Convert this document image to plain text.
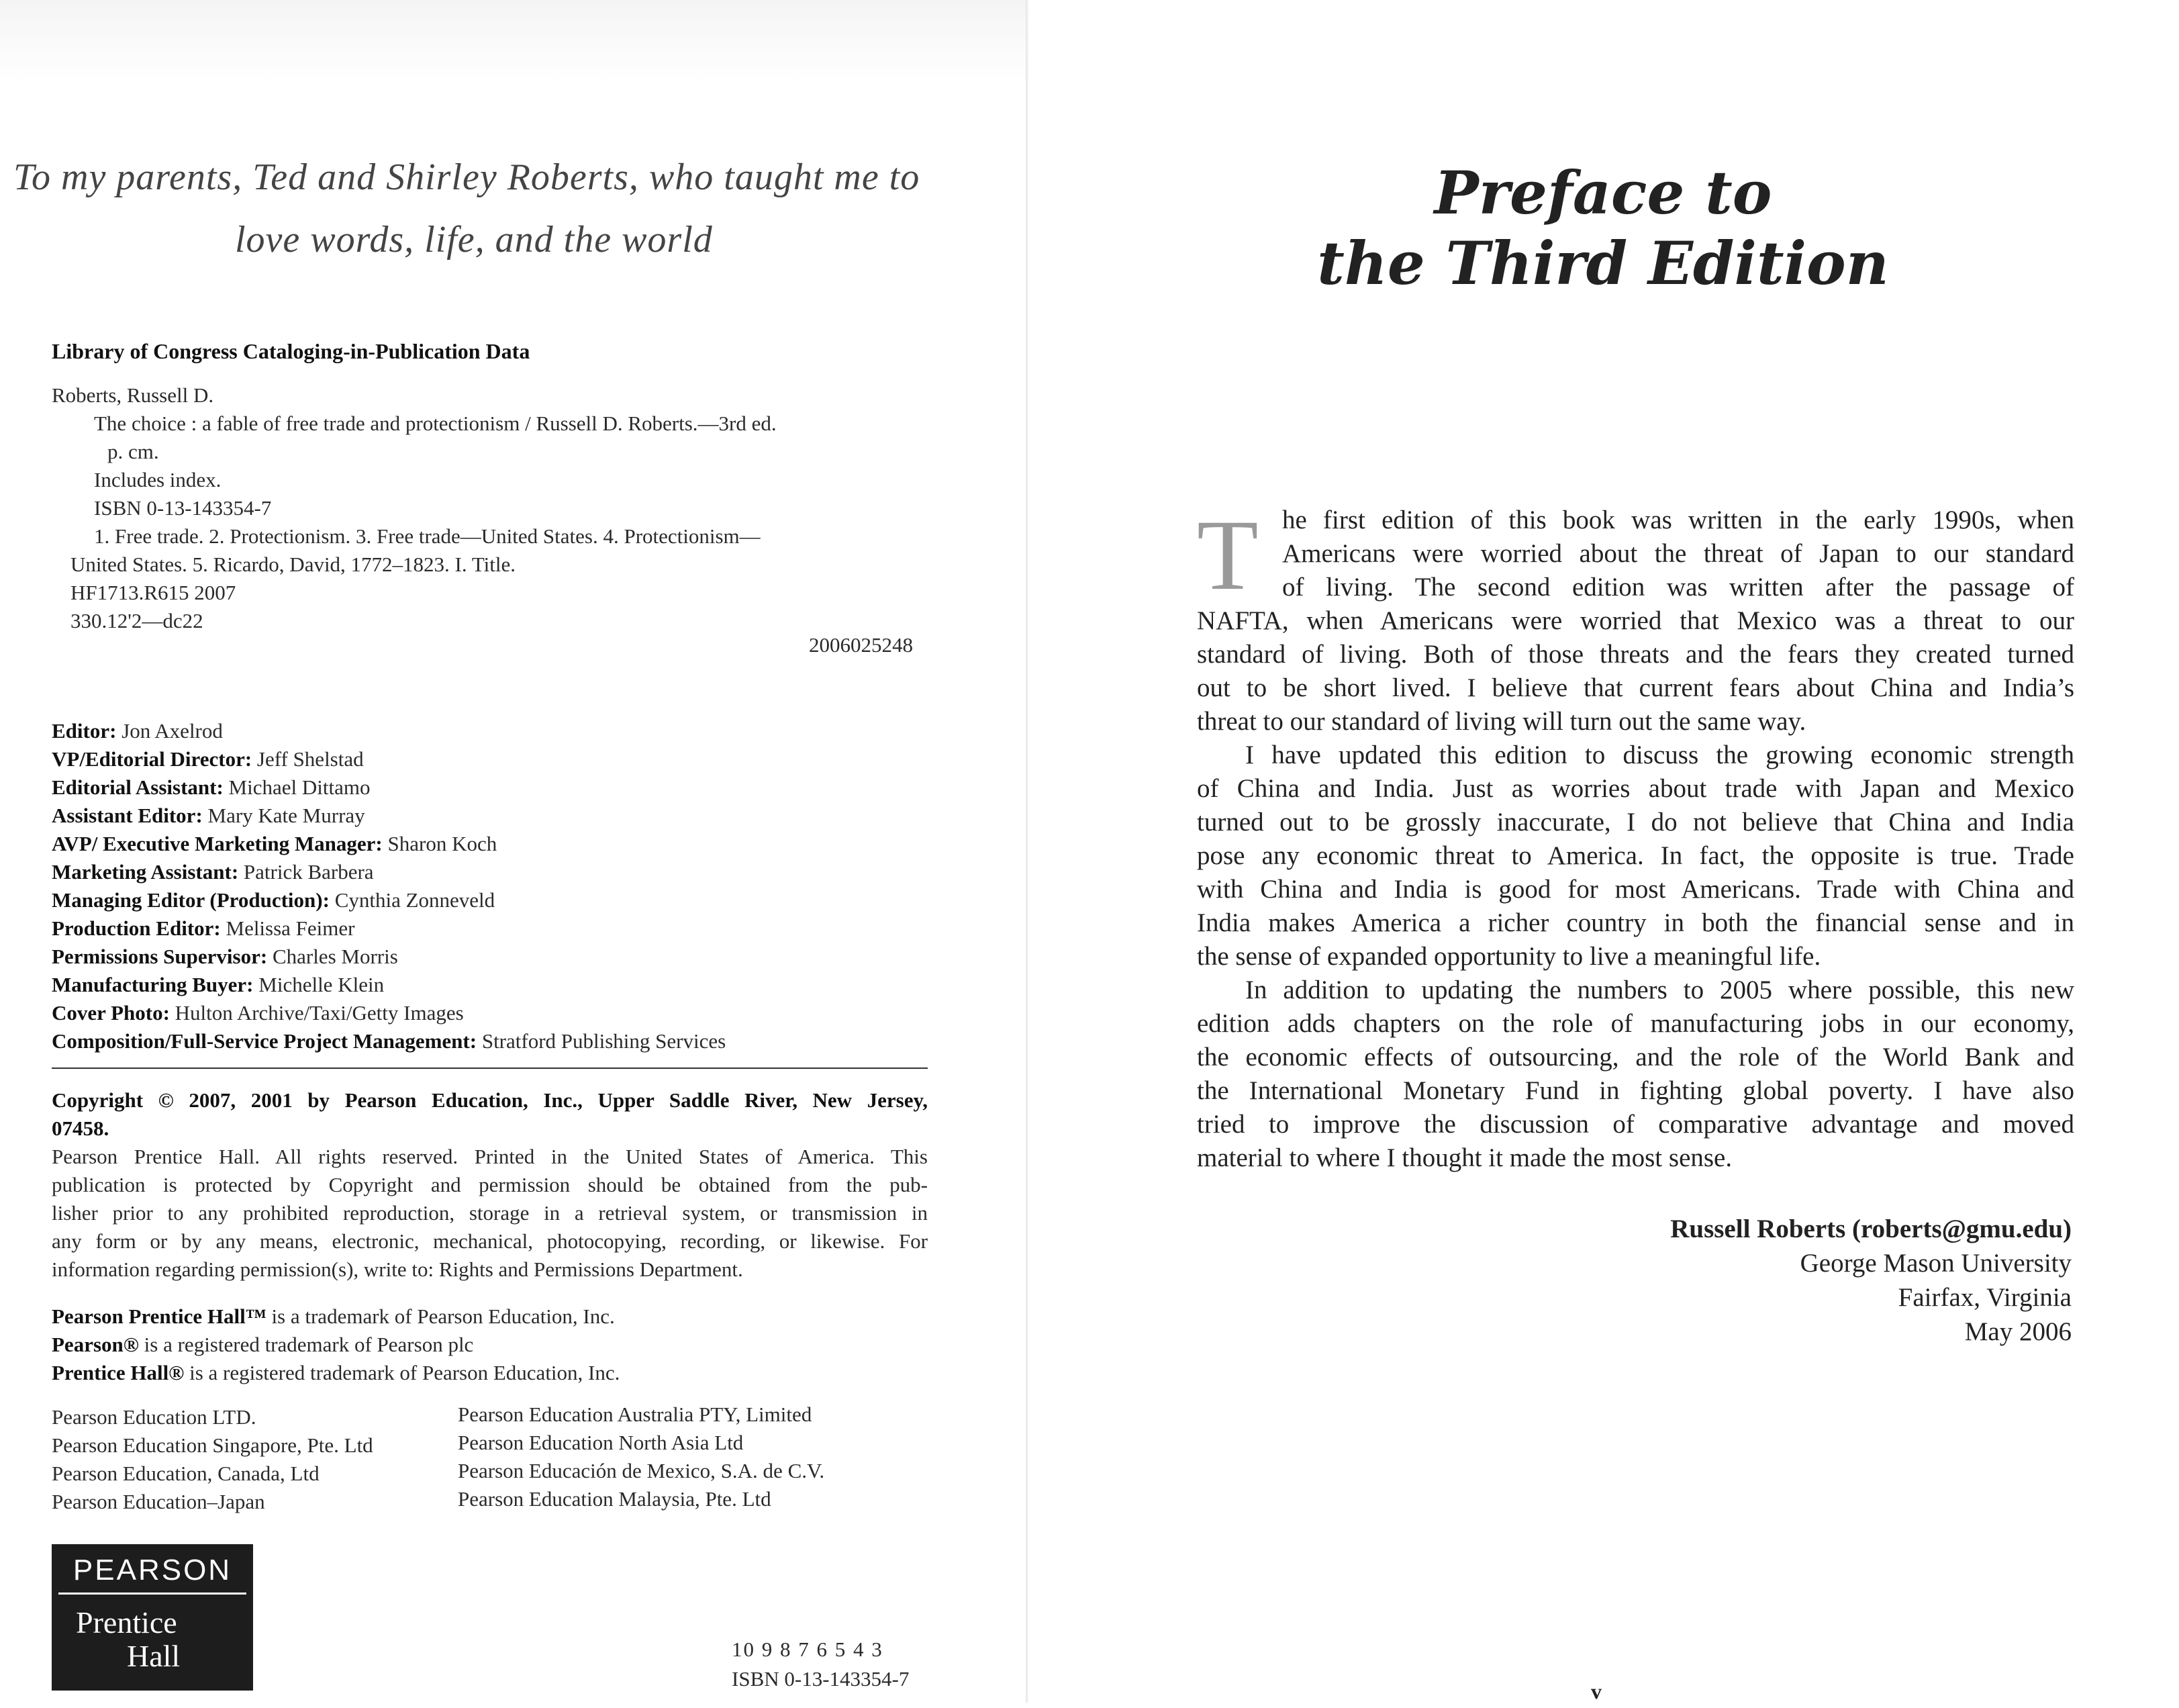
To my parents, Ted and Shirley Roberts, who taught me to
love words, life, and the world
Library of Congress Cataloging-in-Publication Data
Roberts, Russell D.
The choice : a fable of free trade and protectionism / Russell D. Roberts.—3rd ed.
p. cm.
Includes index.
ISBN 0-13-143354-7
1. Free trade. 2. Protectionism. 3. Free trade—United States. 4. Protectionism—
United States. 5. Ricardo, David, 1772–1823. I. Title.
HF1713.R615 2007
330.12'2—dc22
2006025248
Editor: Jon Axelrod
VP/Editorial Director: Jeff Shelstad
Editorial Assistant: Michael Dittamo
Assistant Editor: Mary Kate Murray
AVP/ Executive Marketing Manager: Sharon Koch
Marketing Assistant: Patrick Barbera
Managing Editor (Production): Cynthia Zonneveld
Production Editor: Melissa Feimer
Permissions Supervisor: Charles Morris
Manufacturing Buyer: Michelle Klein
Cover Photo: Hulton Archive/Taxi/Getty Images
Composition/Full-Service Project Management: Stratford Publishing Services
Copyright © 2007, 2001 by Pearson Education, Inc., Upper Saddle River, New Jersey,
07458.
Pearson Prentice Hall. All rights reserved. Printed in the United States of America. This
publication is protected by Copyright and permission should be obtained from the pub-
lisher prior to any prohibited reproduction, storage in a retrieval system, or transmission in
any form or by any means, electronic, mechanical, photocopying, recording, or likewise. For
information regarding permission(s), write to: Rights and Permissions Department.
Pearson Prentice Hall™ is a trademark of Pearson Education, Inc.
Pearson® is a registered trademark of Pearson plc
Prentice Hall® is a registered trademark of Pearson Education, Inc.
Pearson Education LTD.
Pearson Education Singapore, Pte. Ltd
Pearson Education, Canada, Ltd
Pearson Education–Japan
Pearson Education Australia PTY, Limited
Pearson Education North Asia Ltd
Pearson Educación de Mexico, S.A. de C.V.
Pearson Education Malaysia, Pte. Ltd
PEARSON
Prentice
Hall	10 9 8 7 6 5 4 3
ISBN 0-13-143354-7
Preface to
the Third Edition
T he first edition of this book was written in the early 1990s, when
Americans were worried about the threat of Japan to our standard
of living. The second edition was written after the passage of
NAFTA, when Americans were worried that Mexico was a threat to our
standard of living. Both of those threats and the fears they created turned
out to be short lived. I believe that current fears about China and India’s
threat to our standard of living will turn out the same way.
I have updated this edition to discuss the growing economic strength
of China and India. Just as worries about trade with Japan and Mexico
turned out to be grossly inaccurate, I do not believe that China and India
pose any economic threat to America. In fact, the opposite is true. Trade
with China and India is good for most Americans. Trade with China and
India makes America a richer country in both the financial sense and in
the sense of expanded opportunity to live a meaningful life.
In addition to updating the numbers to 2005 where possible, this new
edition adds chapters on the role of manufacturing jobs in our economy,
the economic effects of outsourcing, and the role of the World Bank and
the International Monetary Fund in fighting global poverty. I have also
tried to improve the discussion of comparative advantage and moved
material to where I thought it made the most sense.
Russell Roberts (roberts@gmu.edu)
George Mason University
Fairfax, Virginia
May 2006
v
